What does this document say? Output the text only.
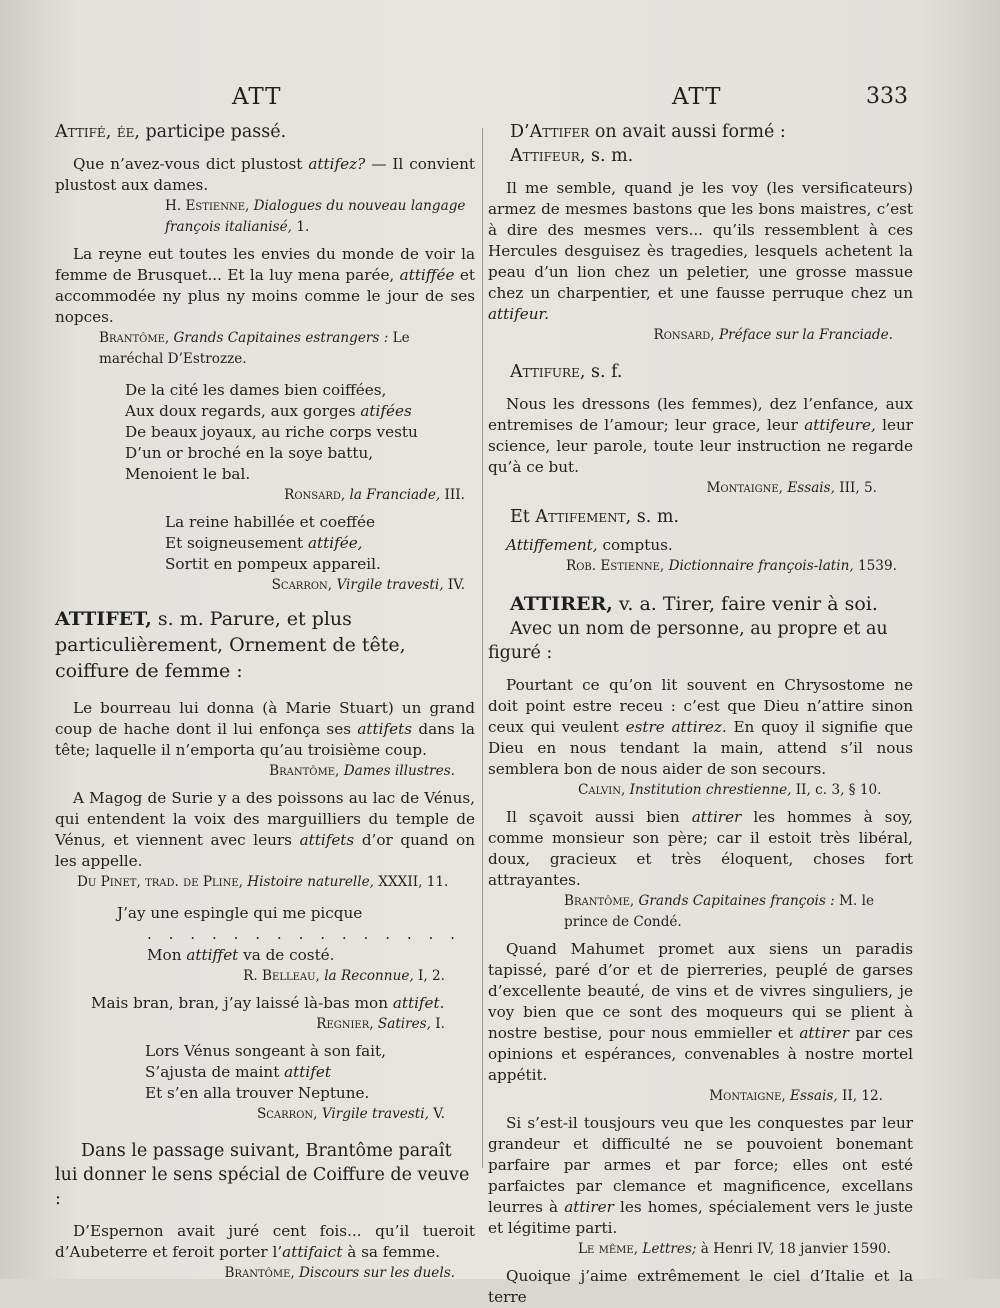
ATT	ATT	333

Attifé, ée, participe passé.

Que n’avez-vous dict plustost attifez? — Il convient plustost aux dames.

H. Estienne, Dialogues du nouveau langage françois italianisé, 1.

La reyne eut toutes les envies du monde de voir la femme de Brusquet... Et la luy mena parée, attiffée et accommodée ny plus ny moins comme le jour de ses nopces.

Brantôme, Grands Capitaines estrangers : Le maréchal D’Estrozze.

De la cité les dames bien coiffées,

Aux doux regards, aux gorges atifées

De beaux joyaux, au riche corps vestu

D’un or broché en la soye battu,

Menoient le bal.

Ronsard, la Franciade, III.

La reine habillée et coeffée

Et soigneusement attifée,

Sortit en pompeux appareil.

Scarron, Virgile travesti, IV.

ATTIFET, s. m. Parure, et plus particulièrement, Ornement de tête, coiffure de femme :

Le bourreau lui donna (à Marie Stuart) un grand coup de hache dont il lui enfonça ses attifets dans la tête; laquelle il n’emporta qu’au troisième coup.

Brantôme, Dames illustres.

A Magog de Surie y a des poissons au lac de Vénus, qui entendent la voix des marguilliers du temple de Vénus, et viennent avec leurs attifets d’or quand on les appelle.

Du Pinet, trad. de Pline, Histoire naturelle, XXXII, 11.

J’ay une espingle qui me picque

. . . . . . . . . . . . . . .

Mon attiffet va de costé.

R. Belleau, la Reconnue, I, 2.

Mais bran, bran, j’ay laissé là-bas mon attifet.

Regnier, Satires, I.

Lors Vénus songeant à son fait,

S’ajusta de maint attifet

Et s’en alla trouver Neptune.

Scarron, Virgile travesti, V.

Dans le passage suivant, Brantôme paraît lui donner le sens spécial de Coiffure de veuve :

D’Espernon avait juré cent fois... qu’il tueroit d’Aubeterre et feroit porter l’attifaict à sa femme.

Brantôme, Discours sur les duels.

D’Attifer on avait aussi formé :

Attifeur, s. m.

Il me semble, quand je les voy (les versificateurs) armez de mesmes bastons que les bons maistres, c’est à dire des mesmes vers... qu’ils ressemblent à ces Hercules desguisez ès tragedies, lesquels achetent la peau d’un lion chez un peletier, une grosse massue chez un charpentier, et une fausse perruque chez un attifeur.

Ronsard, Préface sur la Franciade.

Attifure, s. f.

Nous les dressons (les femmes), dez l’enfance, aux entremises de l’amour; leur grace, leur attifeure, leur science, leur parole, toute leur instruction ne regarde qu’à ce but.

Montaigne, Essais, III, 5.

Et Attifement, s. m.

Attiffement, comptus.

Rob. Estienne, Dictionnaire françois-latin, 1539.

ATTIRER, v. a. Tirer, faire venir à soi.

Avec un nom de personne, au propre et au figuré :

Pourtant ce qu’on lit souvent en Chrysostome ne doit point estre receu : c’est que Dieu n’attire sinon ceux qui veulent estre attirez. En quoy il signifie que Dieu en nous tendant la main, attend s’il nous semblera bon de nous aider de son secours.

Calvin, Institution chrestienne, II, c. 3, § 10.

Il sçavoit aussi bien attirer les hommes à soy, comme monsieur son père; car il estoit très libéral, doux, gracieux et très éloquent, choses fort attrayantes.

Brantôme, Grands Capitaines françois : M. le prince de Condé.

Quand Mahumet promet aux siens un paradis tapissé, paré d’or et de pierreries, peuplé de garses d’excellente beauté, de vins et de vivres singuliers, je voy bien que ce sont des moqueurs qui se plient à nostre bestise, pour nous emmieller et attirer par ces opinions et espérances, convenables à nostre mortel appétit.

Montaigne, Essais, II, 12.

Si s’est-il tousjours veu que les conquestes par leur grandeur et difficulté ne se pouvoient bonemant parfaire par armes et par force; elles ont esté parfaictes par clemance et magnificence, excellans leurres à attirer les homes, spécialement vers le juste et légitime parti.

Le même, Lettres; à Henri IV, 18 janvier 1590.

Quoique j’aime extrêmement le ciel d’Italie et la terre
